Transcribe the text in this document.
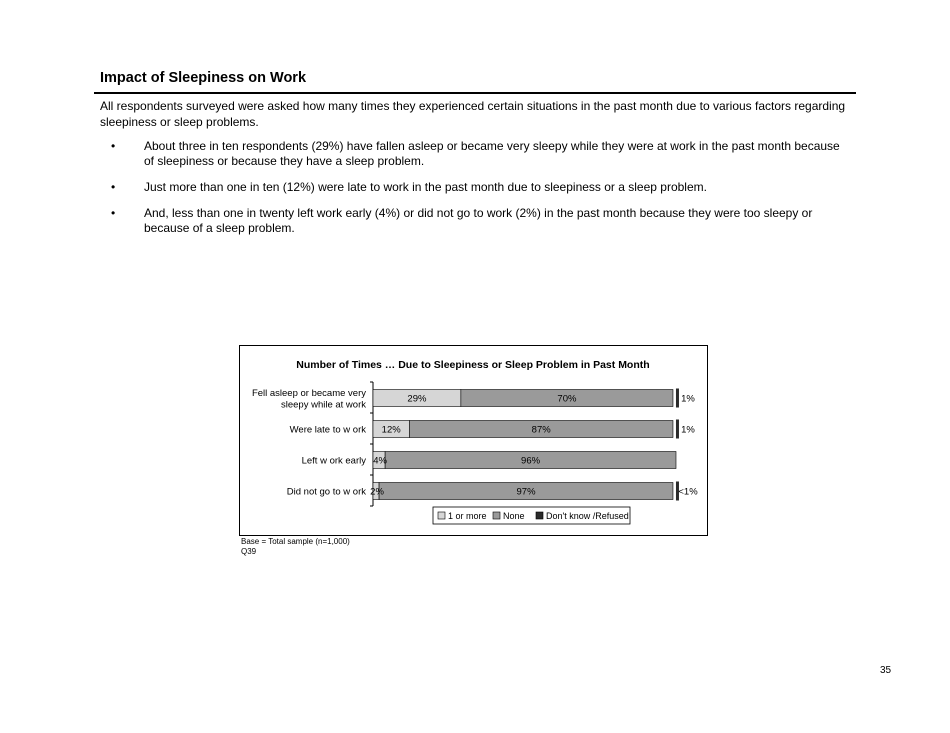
Impact of Sleepiness on Work

All respondents surveyed were asked how many times they experienced certain situations in the past month due to various factors regarding sleepiness or sleep problems.

• About three in ten respondents (29%) have fallen asleep or became very sleepy while they were at work in the past month because of sleepiness or because they have a sleep problem.
• Just more than one in ten (12%) were late to work in the past month due to sleepiness or a sleep problem.
• And, less than one in twenty left work early (4%) or did not go to work (2%) in the past month because they were too sleepy or because of a sleep problem.
Number of Times … Due to Sleepiness or Sleep Problem in Past Month
Fell asleep or became very
sleepy while at work
29%	70%	1%
Were late to w ork 12%	87%	1%
Left w ork early 4%	96%
Did not go to w ork 2%	97%	<1%
1 or more None Don't know /Refused

Base = Total sample (n=1,000)
Q39

35
